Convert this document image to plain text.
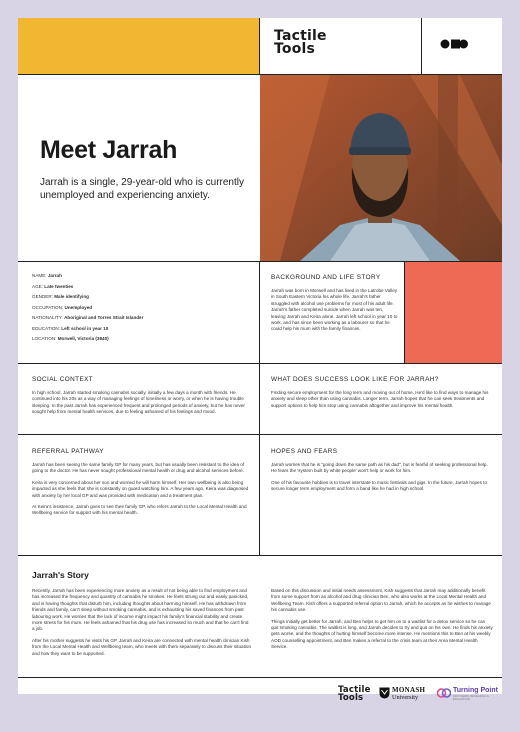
Tactile
Tools
Meet Jarrah
Jarrah is a single, 29-year-old who is currently unemployed and experiencing anxiety.
NAME: Jarrah
AGE: Late twenties
GENDER: Male identifying
OCCUPATION: Unemployed
NATIONALITY: Aboriginal and Torres Strait Islander
EDUCATION: Left school in year 10
LOCATION: Morwell, Victoria (3840)
BACKGROUND AND LIFE STORY
Jarrah was born in Morwell and has lived in the Latrobe Valley in South Eastern Victoria his whole life. Jarrah's father struggled with alcohol use problems for most of his adult life. Jarrah's father completed suicide when Jarrah was ten, leaving Jarrah and Keira alone. Jarrah left school in year 10 to work, and has since been working as a labourer so that he could help his mum with the family finances.
SOCIAL CONTEXT
In high school, Jarrah started smoking cannabis socially, initially a few days a month with friends. He continued into his 20s as a way of managing feelings of loneliness or worry, or when he is having trouble sleeping. In the past Jarrah has experienced frequent and prolonged periods of anxiety, but he has never sought help from mental health services, due to feeling ashamed of his feelings and mood.
WHAT DOES SUCCESS LOOK LIKE FOR JARRAH?
Finding secure employment for the long term and moving out of home. He'd like to find ways to manage his anxiety and sleep other than using cannabis. Longer term, Jarrah hopes that he can seek treatments and support options to help him stop using cannabis altogether and improve his mental health.
REFERRAL PATHWAY

Jarrah has been seeing the same family GP for many years, but has usually been resistant to the idea of going to the doctor. He has never sought professional mental health or drug and alcohol services before.

Keira is very concerned about her son and worried he will harm himself. Her own wellbeing is also being impacted as she feels that she is constantly on guard watching him. A few years ago, Keira was diagnosed with anxiety by her local GP and was provided with medication and a treatment plan.

At Keira's insistence, Jarrah goes to see their family GP, who refers Jarrah to the Local Mental Health and Wellbeing service for support with his mental health.

HOPES AND FEARS

Jarrah worries that he is "going down the same path as his dad", but is fearful of seeking professional help. He fears the 'system built by white people' won't help or work for him.

One of his favourite hobbies is to travel interstate to music festivals and gigs. In the future, Jarrah hopes to secure longer term employment and form a band like he had in high school.

Jarrah's Story

Recently, Jarrah has been experiencing more anxiety as a result of not being able to find employment and has increased the frequency and quantity of cannabis he smokes. He feels strung out and easily panicked, and is having thoughts that disturb him, including thoughts about harming himself. He has withdrawn from friends and family, can't sleep without smoking cannabis, and is exhausting his saved finances from past labouring work. He worries that the lack of income might impact his family's financial stability and create more stress for his mum. He feels ashamed that his drug use has increased so much and that he can't find a job.

After his mother suggests he visits his GP, Jarrah and Keira are connected with mental health clinician Kish from the Local Mental Health and Wellbeing team, who meets with them separately to discuss their situation and how they want to be supported.

Based on this discussion and initial needs assessment, Kish suggests that Jarrah may additionally benefit from some support from an alcohol and drug clinician Ben, who also works at the Local Mental Health and Wellbeing Team. Kish offers a supported referral option to Jarrah, which he accepts as he wishes to manage his cannabis use.

Things initially get better for Jarrah, and Ben helps to get him on to a waitlist for a detox service so he can quit smoking cannabis. The waitlist is long, and Jarrah decides to try and quit on his own. He finds his anxiety gets worse, and the thoughts of hurting himself become more intense. He mentions this to Ben at his weekly AOD counselling appointment, and Ben makes a referral to the crisis team at their Area Mental Health Service.

Tactile
Tools
MONASH
University
Turning Point
SOUTHERN RESEARCH & EDUCATION
